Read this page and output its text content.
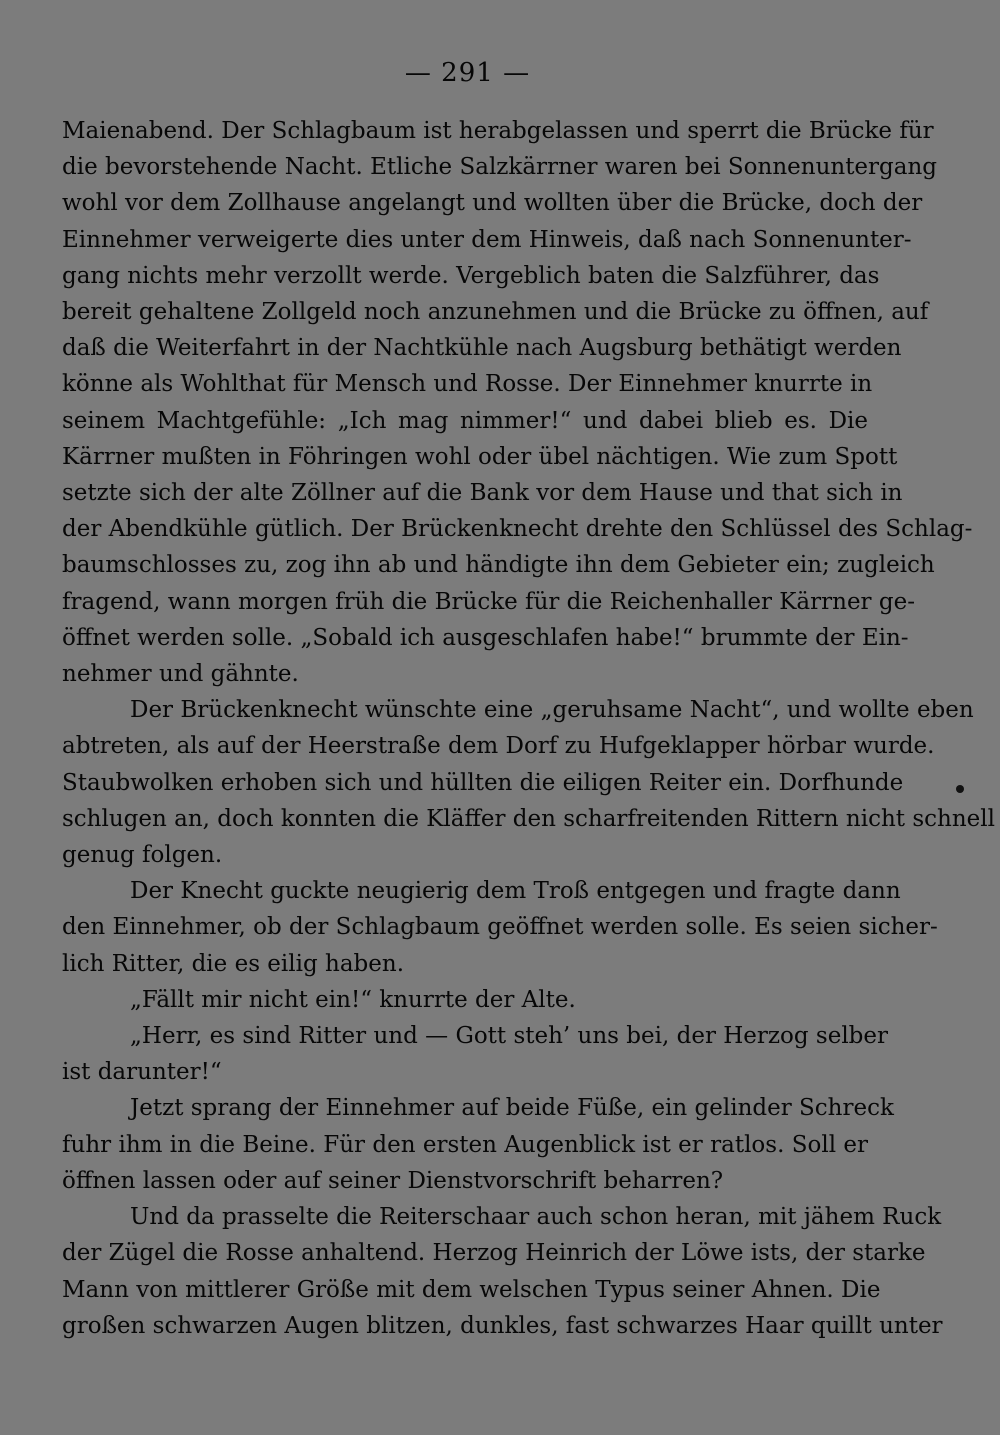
— 291 —
Maienabend. Der Schlagbaum ist herabgelassen und sperrt die Brücke für
die bevorstehende Nacht. Etliche Salzkärrner waren bei Sonnenuntergang
wohl vor dem Zollhause angelangt und wollten über die Brücke, doch der
Einnehmer verweigerte dies unter dem Hinweis, daß nach Sonnenunter-
gang nichts mehr verzollt werde. Vergeblich baten die Salzführer, das
bereit gehaltene Zollgeld noch anzunehmen und die Brücke zu öffnen, auf
daß die Weiterfahrt in der Nachtkühle nach Augsburg bethätigt werden
könne als Wohlthat für Mensch und Rosse. Der Einnehmer knurrte in
seinem Machtgefühle: „Ich mag nimmer!“ und dabei blieb es. Die
Kärrner mußten in Föhringen wohl oder übel nächtigen. Wie zum Spott
setzte sich der alte Zöllner auf die Bank vor dem Hause und that sich in
der Abendkühle gütlich. Der Brückenknecht drehte den Schlüssel des Schlag-
baumschlosses zu, zog ihn ab und händigte ihn dem Gebieter ein; zugleich
fragend, wann morgen früh die Brücke für die Reichenhaller Kärrner ge-
öffnet werden solle. „Sobald ich ausgeschlafen habe!“ brummte der Ein-
nehmer und gähnte.
Der Brückenknecht wünschte eine „geruhsame Nacht“, und wollte eben
abtreten, als auf der Heerstraße dem Dorf zu Hufgeklapper hörbar wurde.
Staubwolken erhoben sich und hüllten die eiligen Reiter ein. Dorfhunde
schlugen an, doch konnten die Kläffer den scharfreitenden Rittern nicht schnell
genug folgen.
Der Knecht guckte neugierig dem Troß entgegen und fragte dann
den Einnehmer, ob der Schlagbaum geöffnet werden solle. Es seien sicher-
lich Ritter, die es eilig haben.
„Fällt mir nicht ein!“ knurrte der Alte.
„Herr, es sind Ritter und — Gott steh’ uns bei, der Herzog selber
ist darunter!“
Jetzt sprang der Einnehmer auf beide Füße, ein gelinder Schreck
fuhr ihm in die Beine. Für den ersten Augenblick ist er ratlos. Soll er
öffnen lassen oder auf seiner Dienstvorschrift beharren?
Und da prasselte die Reiterschaar auch schon heran, mit jähem Ruck
der Zügel die Rosse anhaltend. Herzog Heinrich der Löwe ists, der starke
Mann von mittlerer Größe mit dem welschen Typus seiner Ahnen. Die
großen schwarzen Augen blitzen, dunkles, fast schwarzes Haar quillt unter
